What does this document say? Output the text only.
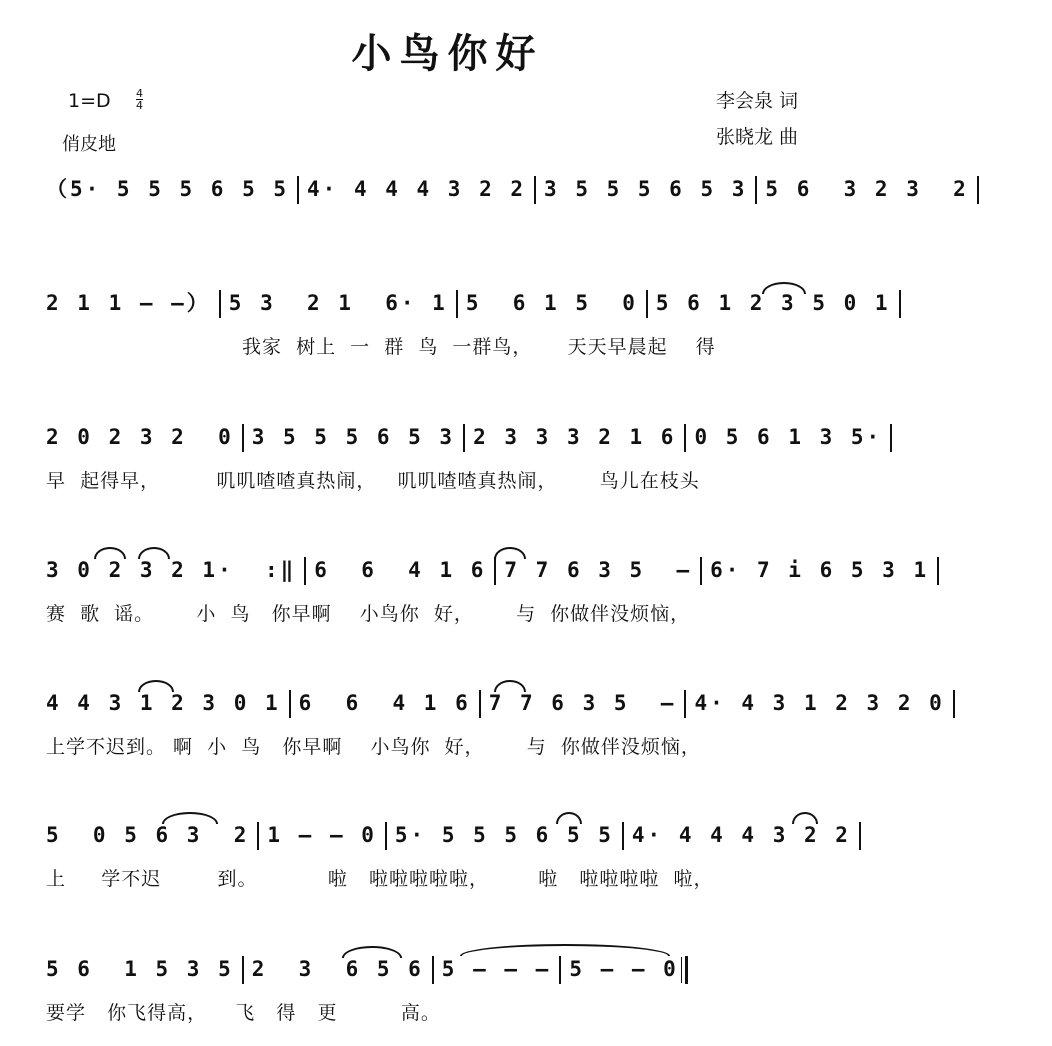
小鸟你好
1=D 4
4
俏皮地
李会泉 词
张晓龙 曲
（5· 5 5 5 6 5 5 4· 4 4 4 3 2 2 3 5 5 5 6 5 3 5 6  3 2 3  2
2 1 1 — —） 5 3  2 1  6· 1 5  6 1 5  0 5 6 1 2 3 5 0 1
我家  树上  一  群  鸟  一群鸟，     天天早晨起    得
2 0 2 3 2  0 3 5 5 5 6 5 3 2 3 3 3 2 1 6 0 5 6 1 3 5·
早  起得早，        叽叽喳喳真热闹，   叽叽喳喳真热闹，      鸟儿在枝头
3 0 2 3 2 1·  :‖ 6  6  4 1 6 7 7 6 3 5  — 6· 7 i 6 5 3 1
赛  歌  谣。      小  鸟   你早啊    小鸟你  好，      与  你做伴没烦恼，
4 4 3 1 2 3 0 1 6  6  4 1 6 7 7 6 3 5  — 4· 4 3 1 2 3 2 0
上学不迟到。 啊  小  鸟   你早啊    小鸟你  好，      与  你做伴没烦恼，
5  0 5 6 3  2 1 — — 0 5· 5 5 5 6 5 5 4· 4 4 4 3 2 2
上     学不迟        到。          啦   啦啦啦啦啦，       啦   啦啦啦啦  啦，
5 6  1 5 3 5 2  3  6 5 6 5 — — — 5 — — 0
要学   你飞得高，    飞   得   更         高。
